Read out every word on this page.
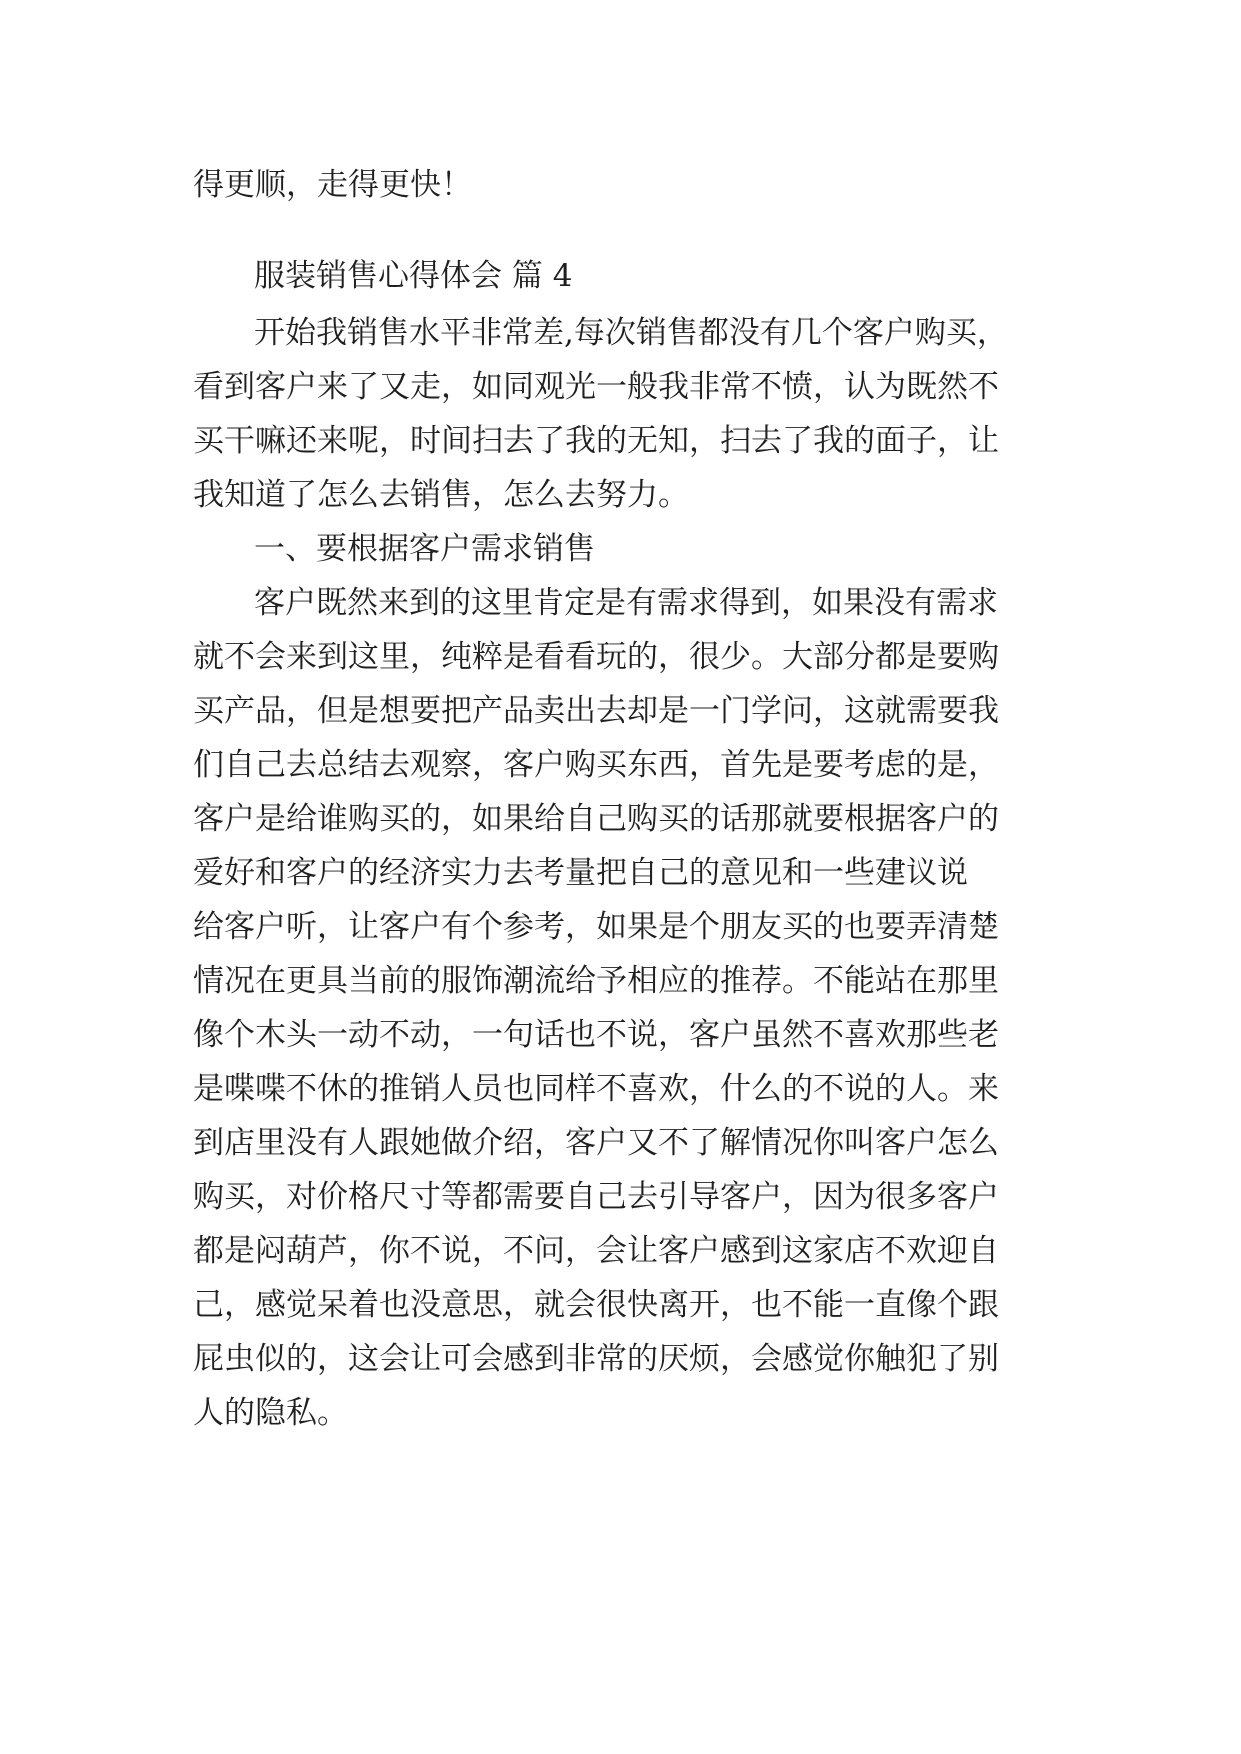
得更顺，走得更快！

服装销售心得体会 篇 4

开始我销售水平非常差,每次销售都没有几个客户购买，

看到客户来了又走，如同观光一般我非常不愤，认为既然不

买干嘛还来呢，时间扫去了我的无知，扫去了我的面子，让

我知道了怎么去销售，怎么去努力。

一、要根据客户需求销售

客户既然来到的这里肯定是有需求得到，如果没有需求

就不会来到这里，纯粹是看看玩的，很少。大部分都是要购

买产品，但是想要把产品卖出去却是一门学问，这就需要我

们自己去总结去观察，客户购买东西，首先是要考虑的是，

客户是给谁购买的，如果给自己购买的话那就要根据客户的

爱好和客户的经济实力去考量把自己的意见和一些建议说

给客户听，让客户有个参考，如果是个朋友买的也要弄清楚

情况在更具当前的服饰潮流给予相应的推荐。不能站在那里

像个木头一动不动，一句话也不说，客户虽然不喜欢那些老

是喋喋不休的推销人员也同样不喜欢，什么的不说的人。来

到店里没有人跟她做介绍，客户又不了解情况你叫客户怎么

购买，对价格尺寸等都需要自己去引导客户，因为很多客户

都是闷葫芦，你不说，不问，会让客户感到这家店不欢迎自

己，感觉呆着也没意思，就会很快离开，也不能一直像个跟

屁虫似的，这会让可会感到非常的厌烦，会感觉你触犯了别

人的隐私。
